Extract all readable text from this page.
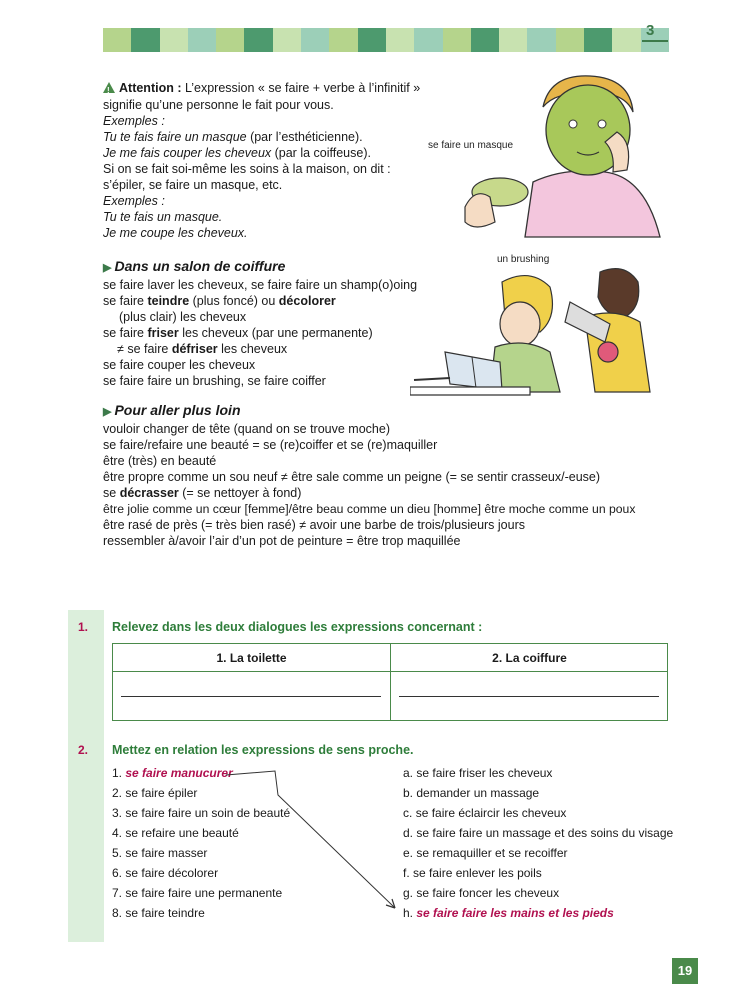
3
!Attention : L’expression « se faire + verbe à l’infinitif »
signifie qu’une personne le fait pour vous.
Exemples :
Tu te fais faire un masque (par l’esthéticienne).
Je me fais couper les cheveux (par la coiffeuse).
Si on se fait soi-même les soins à la maison, on dit :
s’épiler, se faire un masque, etc.
Exemples :
Tu te fais un masque.
Je me coupe les cheveux.
se faire un masque
un brushing
▶ Dans un salon de coiffure
se faire laver les cheveux, se faire faire un shamp(o)oing
se faire teindre (plus foncé) ou décolorer
(plus clair) les cheveux
se faire friser les cheveux (par une permanente)
≠ se faire défriser les cheveux
se faire couper les cheveux
se faire faire un brushing, se faire coiffer
▶ Pour aller plus loin
vouloir changer de tête (quand on se trouve moche)
se faire/refaire une beauté = se (re)coiffer et se (re)maquiller
être (très) en beauté
être propre comme un sou neuf ≠ être sale comme un peigne (= se sentir crasseux/-euse)
se décrasser (= se nettoyer à fond)
être jolie comme un cœur [femme]/être beau comme un dieu [homme] être moche comme un poux
être rasé de près (= très bien rasé) ≠ avoir une barbe de trois/plusieurs jours
ressembler à/avoir l’air d’un pot de peinture = être trop maquillée
1. Relevez dans les deux dialogues les expressions concernant :
1. La toilette	2. La coiffure
2. Mettez en relation les expressions de sens proche.
1. se faire manucurer
2. se faire épiler
3. se faire faire un soin de beauté
4. se refaire une beauté
5. se faire masser
6. se faire décolorer
7. se faire faire une permanente
8. se faire teindre
a. se faire friser les cheveux
b. demander un massage
c. se faire éclaircir les cheveux
d. se faire faire un massage et des soins du visage
e. se remaquiller et se recoiffer
f. se faire enlever les poils
g. se faire foncer les cheveux
h. se faire faire les mains et les pieds
19
